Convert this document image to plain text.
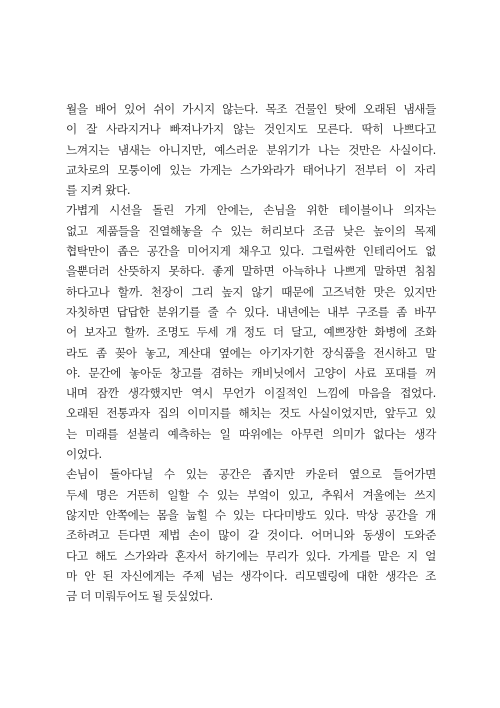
월을 배어 있어 쉬이 가시지 않는다. 목조 건물인 탓에 오래된 냄새들
이 잘 사라지거나 빠져나가지 않는 것인지도 모른다. 딱히 나쁘다고
느껴지는 냄새는 아니지만, 예스러운 분위기가 나는 것만은 사실이다.
교차로의 모퉁이에 있는 가게는 스가와라가 태어나기 전부터 이 자리
를 지켜 왔다.
가볍게 시선을 돌린 가게 안에는, 손님을 위한 테이블이나 의자는
없고 제품들을 진열해놓을 수 있는 허리보다 조금 낮은 높이의 목제
협탁만이 좁은 공간을 미어지게 채우고 있다. 그럴싸한 인테리어도 없
을뿐더러 산뜻하지 못하다. 좋게 말하면 아늑하나 나쁘게 말하면 침침
하다고나 할까. 천장이 그리 높지 않기 때문에 고즈넉한 맛은 있지만
자칫하면 답답한 분위기를 줄 수 있다. 내년에는 내부 구조를 좀 바꾸
어 보자고 할까. 조명도 두세 개 정도 더 달고, 예쁘장한 화병에 조화
라도 좀 꽂아 놓고, 계산대 옆에는 아기자기한 장식품을 전시하고 말
야. 문간에 놓아둔 창고를 겸하는 캐비닛에서 고양이 사료 포대를 꺼
내며 잠깐 생각했지만 역시 무언가 이질적인 느낌에 마음을 접었다.
오래된 전통과자 집의 이미지를 해치는 것도 사실이었지만, 앞두고 있
는 미래를 섣불리 예측하는 일 따위에는 아무런 의미가 없다는 생각
이었다.
손님이 돌아다닐 수 있는 공간은 좁지만 카운터 옆으로 들어가면
두세 명은 거뜬히 일할 수 있는 부엌이 있고, 추워서 겨울에는 쓰지
않지만 안쪽에는 몸을 눕힐 수 있는 다다미방도 있다. 막상 공간을 개
조하려고 든다면 제법 손이 많이 갈 것이다. 어머니와 동생이 도와준
다고 해도 스가와라 혼자서 하기에는 무리가 있다. 가게를 맡은 지 얼
마 안 된 자신에게는 주제 넘는 생각이다. 리모델링에 대한 생각은 조
금 더 미뤄두어도 될 듯싶었다.
